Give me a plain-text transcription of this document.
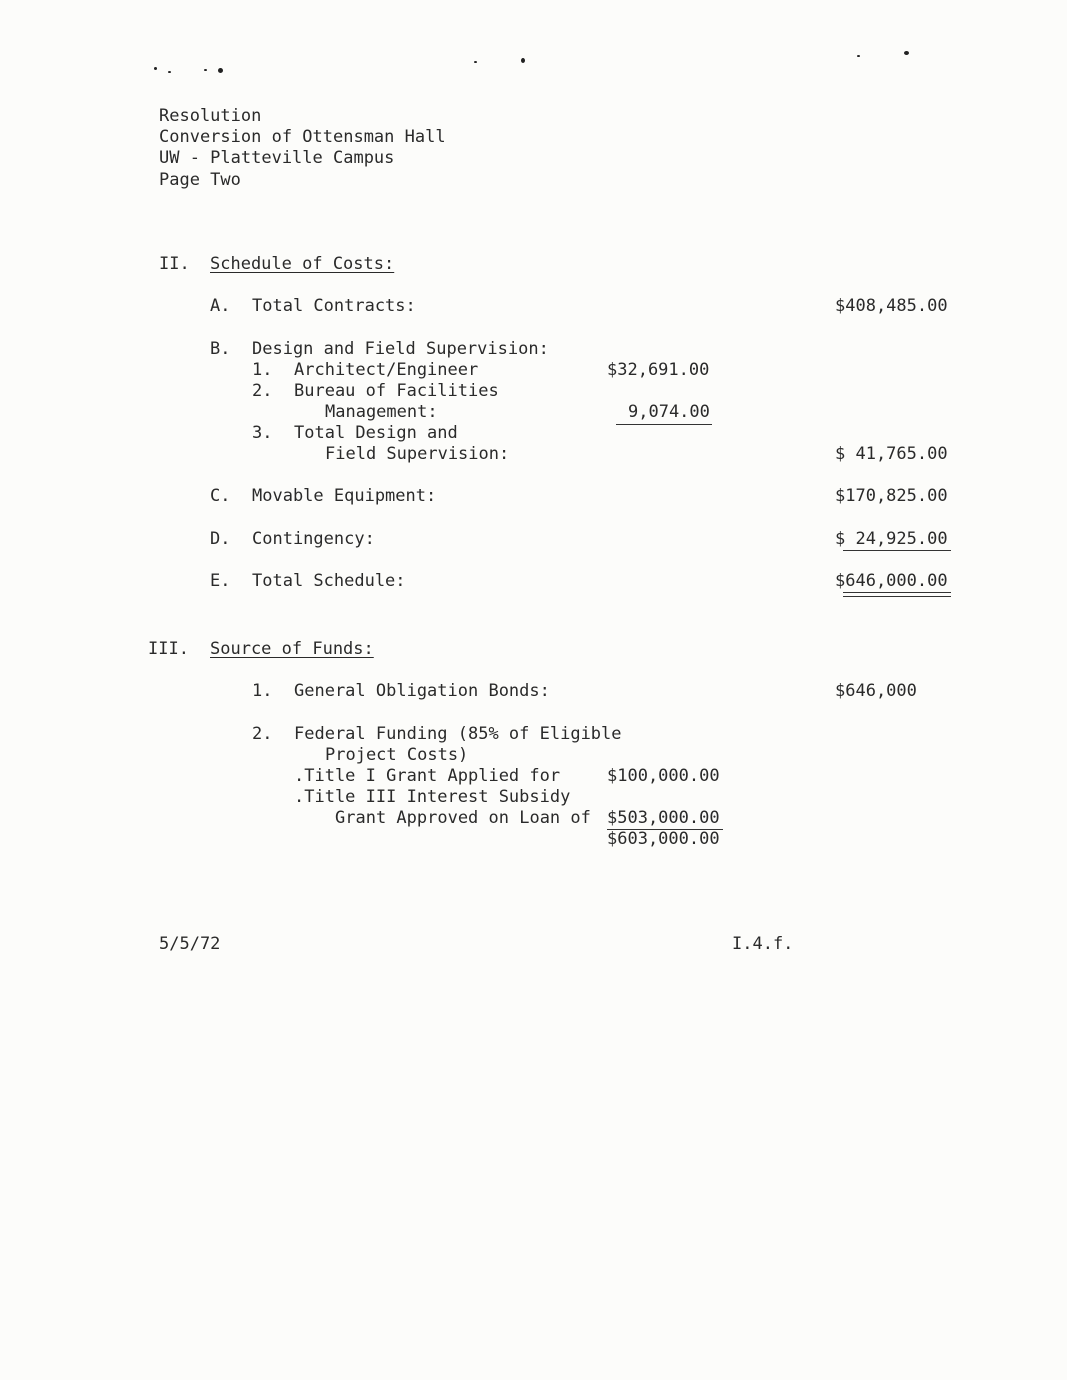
Resolution
Conversion of Ottensman Hall
UW - Platteville Campus
Page Two
II. Schedule of Costs:
A. Total Contracts:	$408,485.00
B. Design and Field Supervision:
1. Architect/Engineer	$32,691.00
2. Bureau of Facilities
Management:	9,074.00
3. Total Design and
Field Supervision:	$ 41,765.00
C. Movable Equipment:	$170,825.00
D. Contingency:	$ 24,925.00
E. Total Schedule:	$646,000.00
III. Source of Funds:
1. General Obligation Bonds:	$646,000
2. Federal Funding (85% of Eligible
Project Costs)
.Title I Grant Applied for	$100,000.00
.Title III Interest Subsidy
Grant Approved on Loan of $503,000.00
$603,000.00
5/5/72	I.4.f.
